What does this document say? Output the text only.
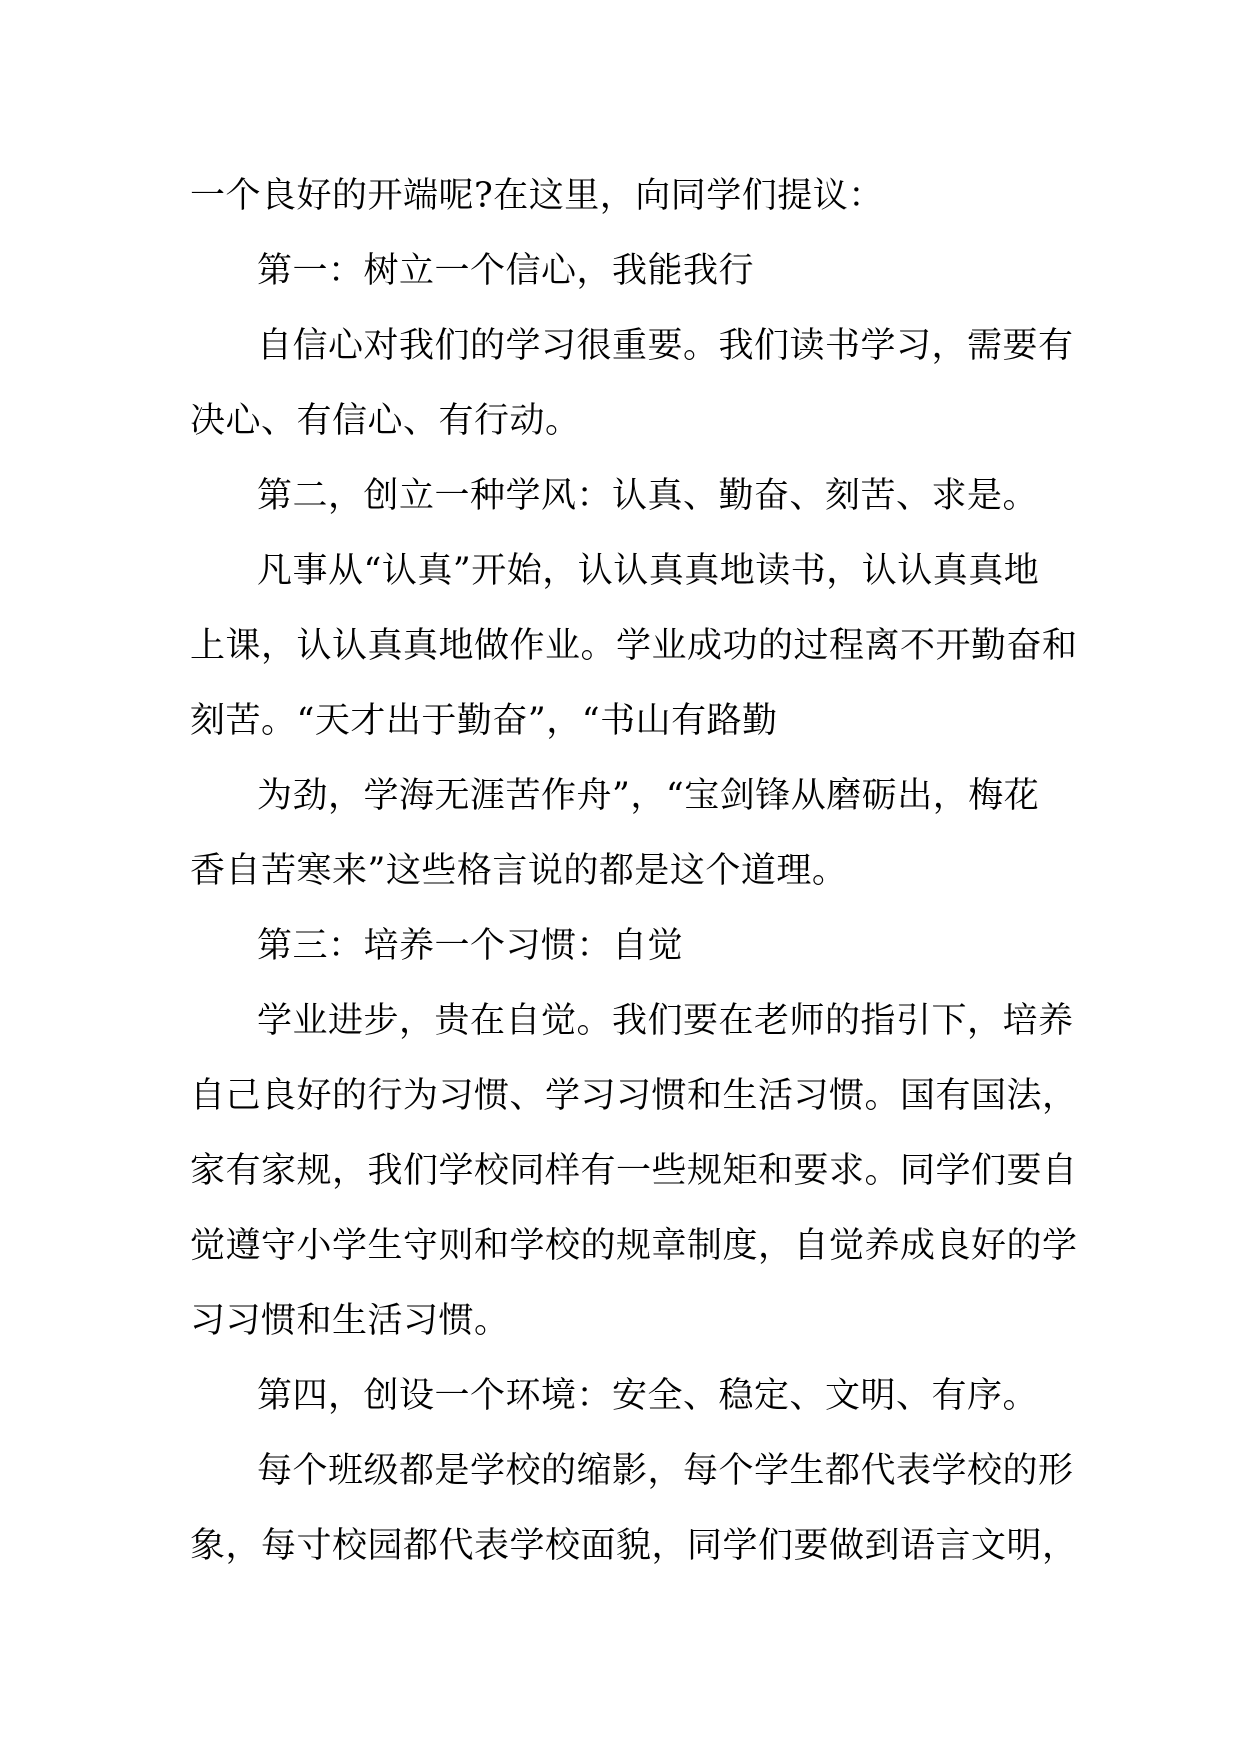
一个良好的开端呢?在这里，向同学们提议：
第一：树立一个信心，我能我行
自信心对我们的学习很重要。我们读书学习，需要有
决心、有信心、有行动。
第二，创立一种学风：认真、勤奋、刻苦、求是。
凡事从“认真”开始，认认真真地读书，认认真真地
上课，认认真真地做作业。学业成功的过程离不开勤奋和
刻苦。“天才出于勤奋”，“书山有路勤
为劲，学海无涯苦作舟”，“宝剑锋从磨砺出，梅花
香自苦寒来”这些格言说的都是这个道理。
第三：培养一个习惯：自觉
学业进步，贵在自觉。我们要在老师的指引下，培养
自己良好的行为习惯、学习习惯和生活习惯。国有国法，
家有家规，我们学校同样有一些规矩和要求。同学们要自
觉遵守小学生守则和学校的规章制度，自觉养成良好的学
习习惯和生活习惯。
第四，创设一个环境：安全、稳定、文明、有序。
每个班级都是学校的缩影，每个学生都代表学校的形
象，每寸校园都代表学校面貌，同学们要做到语言文明，
